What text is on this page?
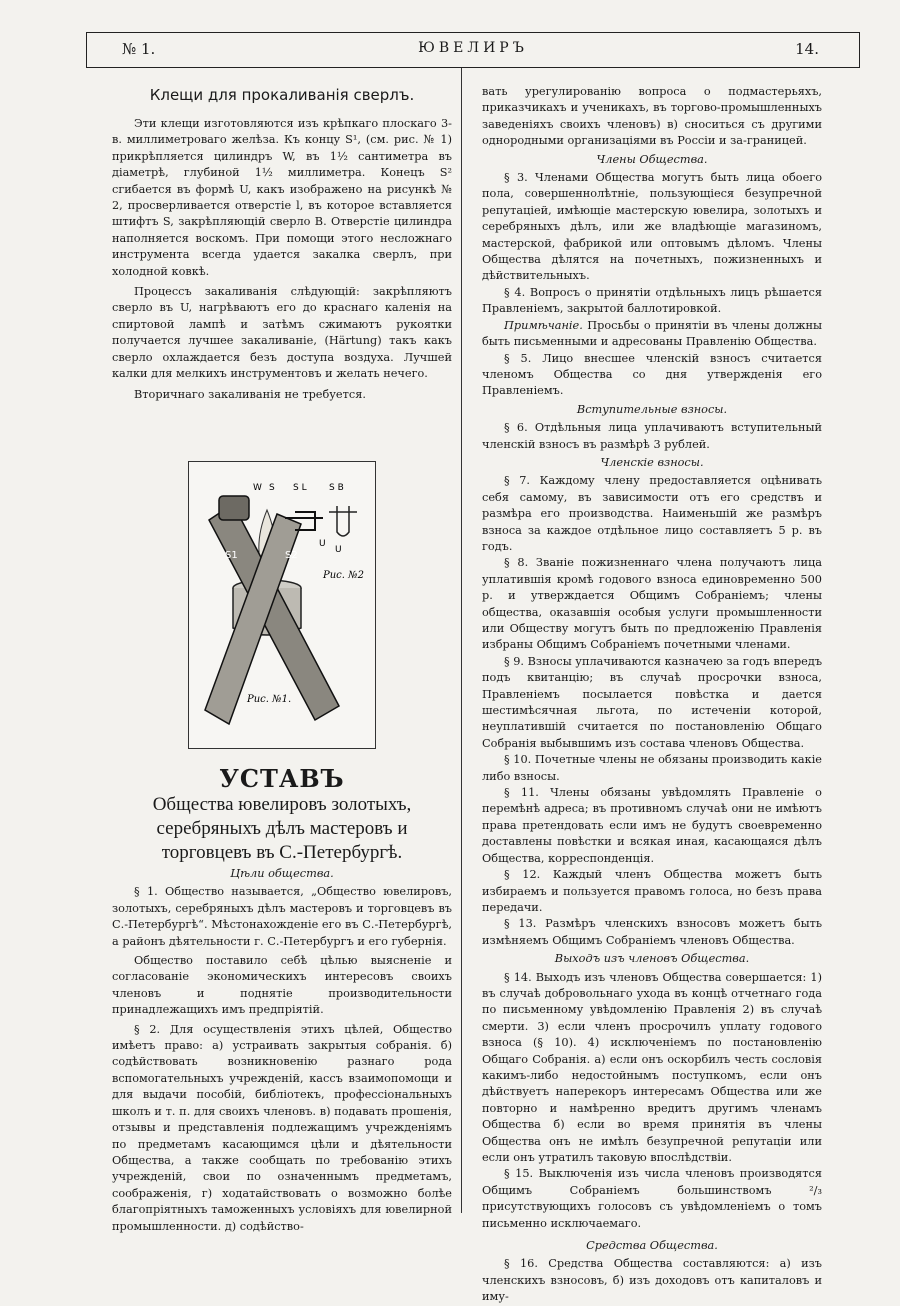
№ 1.	ЮВЕЛИРЪ	14.
Клещи для прокаливанія сверлъ.

Эти клещи изготовляются изъ крѣпкаго плоскаго 3-в. миллиметроваго желѣза. Къ концу S¹, (см. рис. № 1) прикрѣпляется цилиндръ W, въ 1½ сантиметра въ діаметрѣ, глубиной 1½ миллиметра. Конецъ S² сгибается въ формѣ U, какъ изображено на рисункѣ № 2, просверливается отверстіе l, въ которое вставляется штифтъ S, закрѣпляющій сверло B. Отверстіе цилиндра наполняется воскомъ. При помощи этого несложнаго инструмента всегда удается закалка сверлъ, при холодной ковкѣ.

Процессъ закаливанія слѣдующій: закрѣпляютъ сверло въ U, нагрѣваютъ его до краснаго каленія на спиртовой лампѣ и затѣмъ сжимаютъ рукоятки получается лучшее закаливаніе, (Härtung) такъ какъ сверло охлаждается безъ доступа воздуха. Лучшей калки для мелкихъ инструментовъ и желать нечего.

Вторичнаго закаливанія не требуется.

W S S L S B
S1	S2
U
U
Рис. №2
Рис. №1.
УСТАВЪ
Общества ювелировъ золотыхъ, серебряныхъ дѣлъ мастеровъ и торговцевъ въ С.-Петербургѣ.

Цѣли общества.

§ 1. Общество называется, „Общество ювелировъ, золотыхъ, серебряныхъ дѣлъ мастеровъ и торговцевъ въ С.-Петербургѣ“. Мѣстонахожденіе его въ С.-Петербургѣ, а районъ дѣятельности г. С.-Петербургъ и его губернія.

Общество поставило себѣ цѣлью выясненіе и согласованіе экономическихъ интересовъ своихъ членовъ и поднятіе производительности принадлежащихъ имъ предпріятій.

§ 2. Для осуществленія этихъ цѣлей, Общество имѣетъ право: а) устраивать закрытыя собранія. б) содѣйствовать возникновенію разнаго рода вспомогательныхъ учрежденій, кассъ взаимопомощи и для выдачи пособій, библіотекъ, профессіональныхъ школъ и т. п. для своихъ членовъ. в) подавать прошенія, отзывы и представленія подлежащимъ учрежденіямъ по предметамъ касающимся цѣли и дѣятельности Общества, а также сообщать по требованію этихъ учрежденій, свои по означеннымъ предметамъ, соображенія, г) ходатайствовать о возможно болѣе благопріятныхъ таможенныхъ условіяхъ для ювелирной промышленности. д) содѣйство-

вать урегулированію вопроса о подмастерьяхъ, приказчикахъ и ученикахъ, въ торгово-промышленныхъ заведеніяхъ своихъ членовъ) в) сноситься съ другими однородными организаціями въ Россіи и за-границей.

Члены Общества.

§ 3. Членами Общества могутъ быть лица обоего пола, совершеннолѣтніе, пользующіеся безупречной репутаціей, имѣющіе мастерскую ювелира, золотыхъ и серебряныхъ дѣлъ, или же владѣющіе магазиномъ, мастерской, фабрикой или оптовымъ дѣломъ. Члены Общества дѣлятся на почетныхъ, пожизненныхъ и дѣйствительныхъ.

§ 4. Вопросъ о принятіи отдѣльныхъ лицъ рѣшается Правленіемъ, закрытой баллотировкой.

Примѣчаніе. Просьбы о принятіи въ члены должны быть письменными и адресованы Правленію Общества.

§ 5. Лицо внесшее членскій взносъ считается членомъ Общества со дня утвержденія его Правленіемъ.

Вступительные взносы.

§ 6. Отдѣльныя лица уплачиваютъ вступительный членскій взносъ въ размѣрѣ 3 рублей.

Членскіе взносы.

§ 7. Каждому члену предоставляется оцѣнивать себя самому, въ зависимости отъ его средствъ и размѣра его производства. Наименьшій же размѣръ взноса за каждое отдѣльное лицо составляетъ 5 р. въ годъ.

§ 8. Званіе пожизненнаго члена получаютъ лица уплатившія кромѣ годового взноса единовременно 500 р. и утверждается Общимъ Собраніемъ; члены общества, оказавшія особыя услуги промышленности или Обществу могутъ быть по предложенію Правленія избраны Общимъ Собраніемъ почетными членами.

§ 9. Взносы уплачиваются казначею за годъ впередъ подъ квитанцію; въ случаѣ просрочки взноса, Правленіемъ посылается повѣстка и дается шестимѣсячная льгота, по истеченіи которой, неуплатившій считается по постановленію Общаго Собранія выбывшимъ изъ состава членовъ Общества.

§ 10. Почетные члены не обязаны производить какіе либо взносы.

§ 11. Члены обязаны увѣдомлять Правленіе о перемѣнѣ адреса; въ противномъ случаѣ они не имѣютъ права претендовать если имъ не будутъ своевременно доставлены повѣстки и всякая иная, касающаяся дѣлъ Общества, корреспонденція.

§ 12. Каждый членъ Общества можетъ быть избираемъ и пользуется правомъ голоса, но безъ права передачи.

§ 13. Размѣръ членскихъ взносовъ можетъ быть измѣняемъ Общимъ Собраніемъ членовъ Общества.

Выходъ изъ членовъ Общества.

§ 14. Выходъ изъ членовъ Общества совершается: 1) въ случаѣ добровольнаго ухода въ концѣ отчетнаго года по письменному увѣдомленію Правленія 2) въ случаѣ смерти. 3) если членъ просрочилъ уплату годового взноса (§ 10). 4) исключеніемъ по постановленію Общаго Собранія. а) если онъ оскорбилъ честь сословія какимъ-либо недостойнымъ поступкомъ, если онъ дѣйствуетъ наперекоръ интересамъ Общества или же повторно и намѣренно вредитъ другимъ членамъ Общества б) если во время принятія въ члены Общества онъ не имѣлъ безупречной репутаціи или если онъ утратилъ таковую впослѣдствіи.

§ 15. Выключенія изъ числа членовъ производятся Общимъ Собраніемъ большинствомъ ²/₃ присутствующихъ голосовъ съ увѣдомленіемъ о томъ письменно исключаемаго.

Средства Общества.

§ 16. Средства Общества составляются: а) изъ членскихъ взносовъ, б) изъ доходовъ отъ капиталовъ и иму-
